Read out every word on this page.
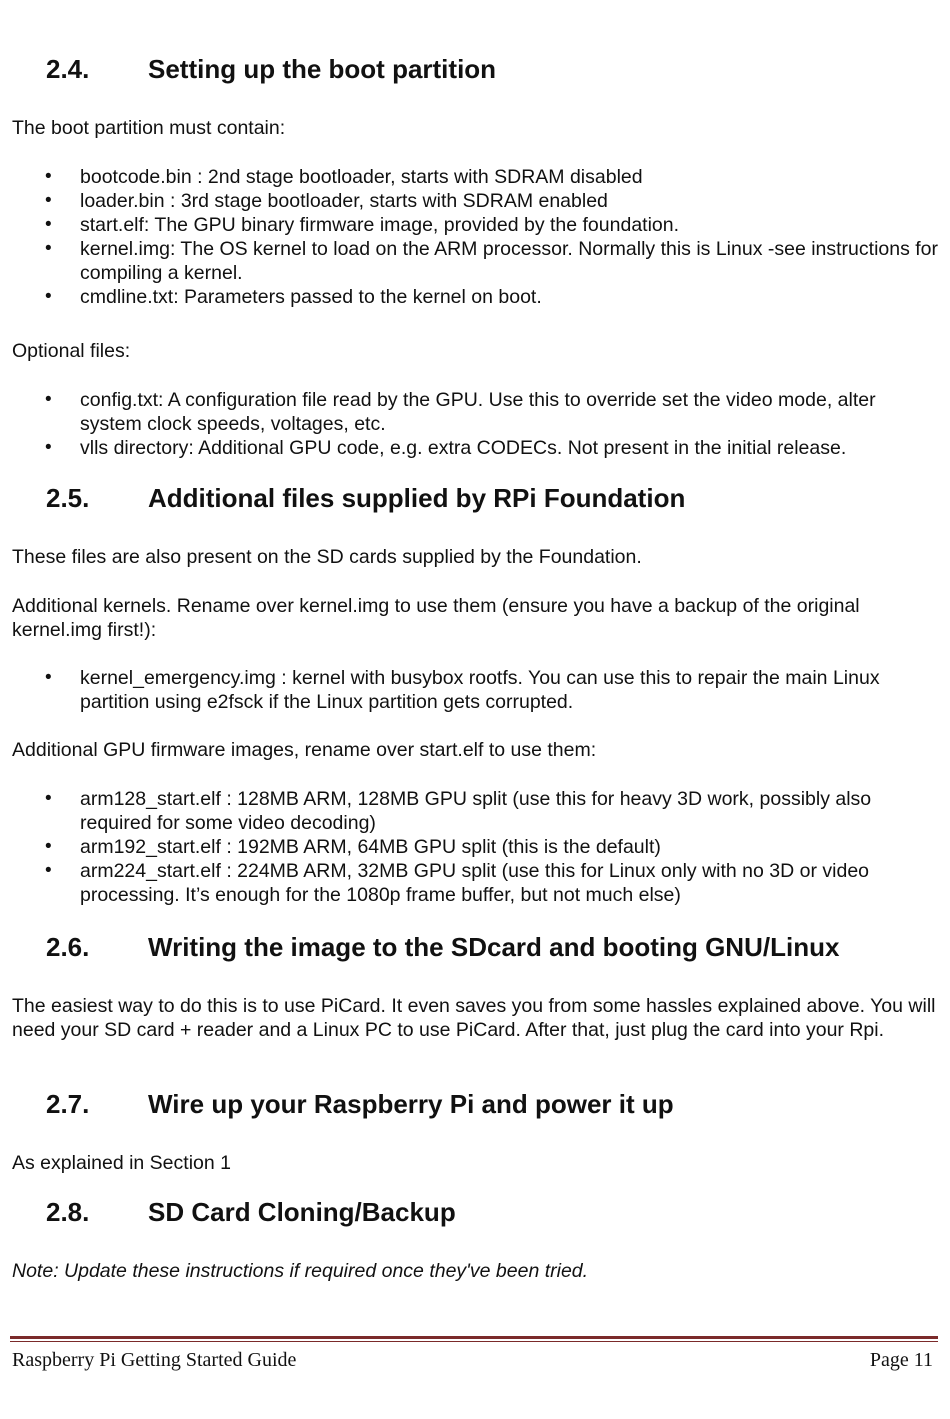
2.4. Setting up the boot partition
The boot partition must contain:
• bootcode.bin : 2nd stage bootloader, starts with SDRAM disabled
• loader.bin : 3rd stage bootloader, starts with SDRAM enabled
• start.elf: The GPU binary firmware image, provided by the foundation.
• kernel.img: The OS kernel to load on the ARM processor. Normally this is Linux -see instructions for compiling a kernel.
• cmdline.txt: Parameters passed to the kernel on boot.
Optional files:
• config.txt: A configuration file read by the GPU. Use this to override set the video mode, alter system clock speeds, voltages, etc.
• vlls directory: Additional GPU code, e.g. extra CODECs. Not present in the initial release.
2.5. Additional files supplied by RPi Foundation
These files are also present on the SD cards supplied by the Foundation.
Additional kernels. Rename over kernel.img to use them (ensure you have a backup of the original kernel.img first!):
• kernel_emergency.img : kernel with busybox rootfs. You can use this to repair the main Linux partition using e2fsck if the Linux partition gets corrupted.
Additional GPU firmware images, rename over start.elf to use them:
• arm128_start.elf : 128MB ARM, 128MB GPU split (use this for heavy 3D work, possibly also required for some video decoding)
• arm192_start.elf : 192MB ARM, 64MB GPU split (this is the default)
• arm224_start.elf : 224MB ARM, 32MB GPU split (use this for Linux only with no 3D or video processing. It’s enough for the 1080p frame buffer, but not much else)
2.6. Writing the image to the SDcard and booting GNU/Linux
The easiest way to do this is to use PiCard. It even saves you from some hassles explained above. You will need your SD card + reader and a Linux PC to use PiCard. After that, just plug the card into your Rpi.
2.7. Wire up your Raspberry Pi and power it up
As explained in Section 1
2.8. SD Card Cloning/Backup
Note: Update these instructions if required once they've been tried.
Raspberry Pi Getting Started Guide	Page 11
